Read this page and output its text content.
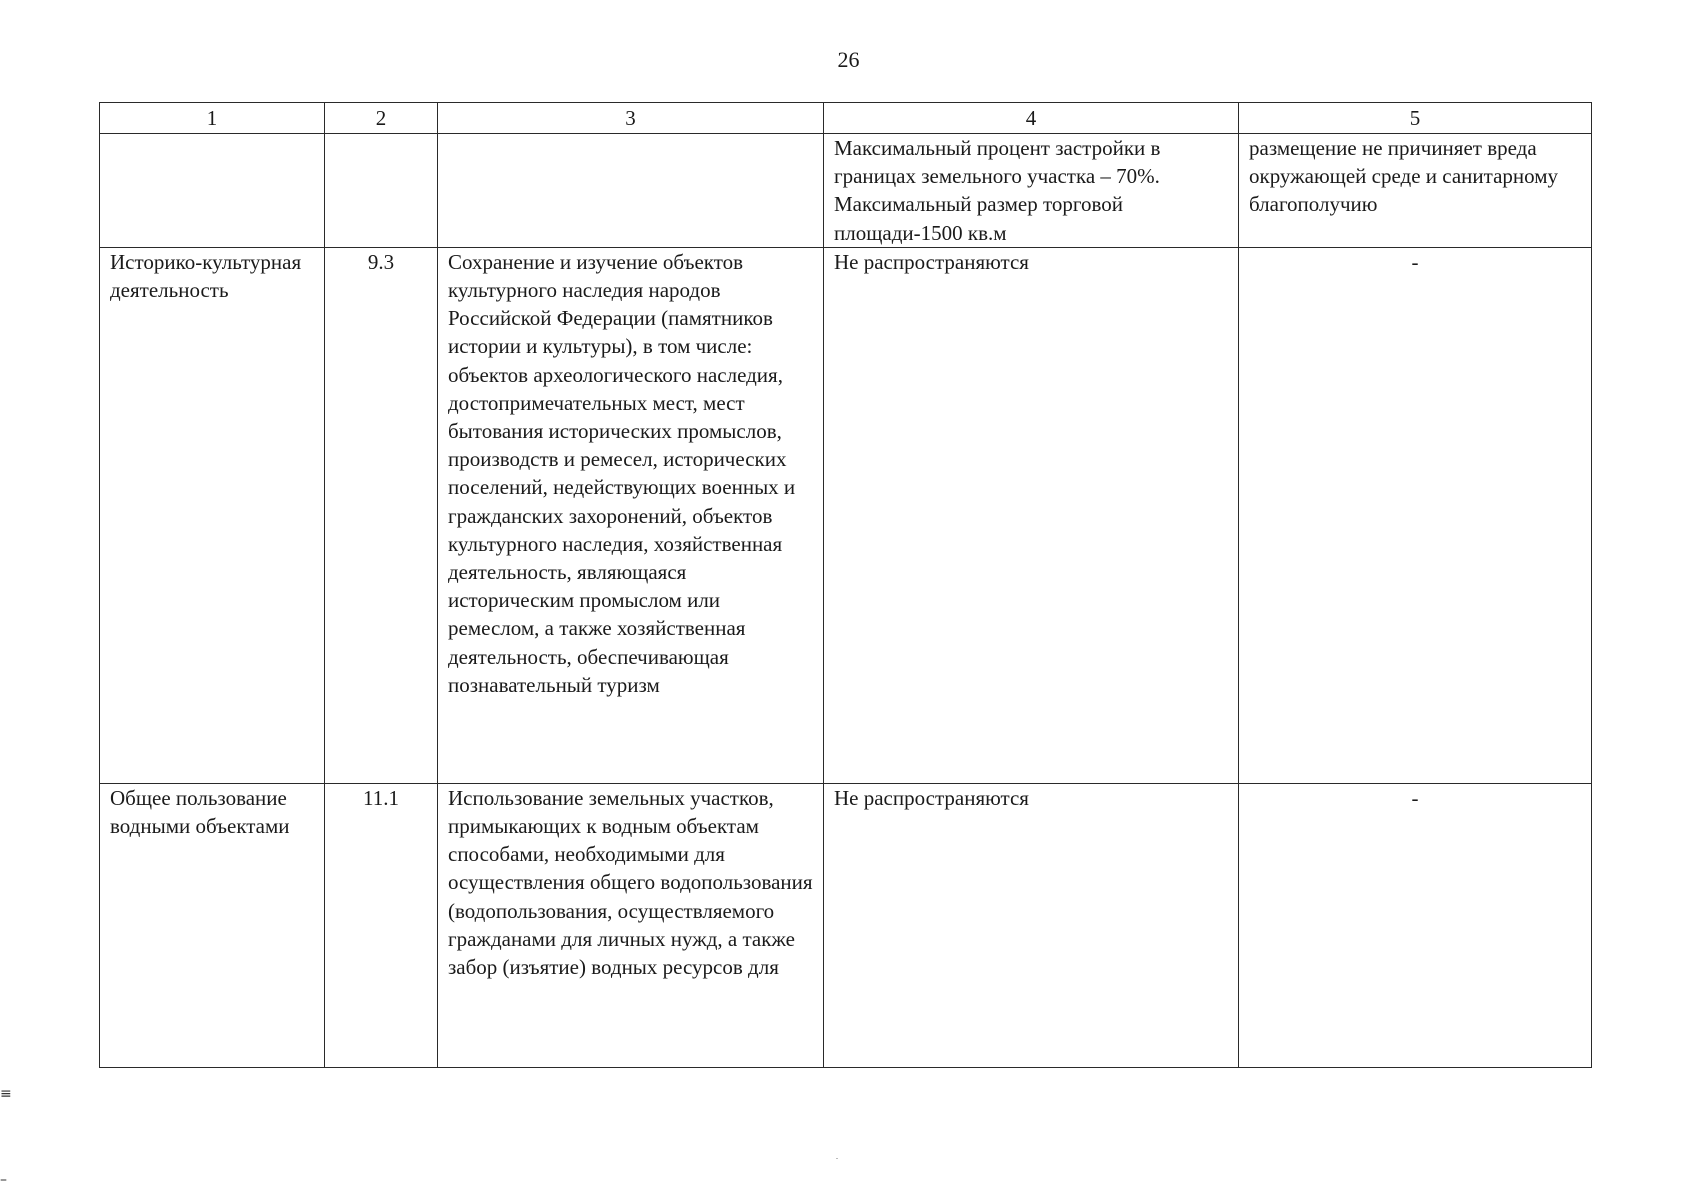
26
1	2	3	4	5
			Максимальный процент застройки в границах земельного участка – 70%. Максимальный размер торговой площади-1500 кв.м	размещение не причиняет вреда окружающей среде и санитарному благополучию
Историко-культурная деятельность	9.3	Сохранение и изучение объектов культурного наследия народов Российской Федерации (памятников истории и культуры), в том числе: объектов археологического наследия, достопримечательных мест, мест бытования исторических промыслов, производств и ремесел, исторических поселений, недействующих военных и гражданских захоронений, объектов культурного наследия, хозяйственная деятельность, являющаяся историческим промыслом или ремеслом, а также хозяйственная деятельность, обеспечивающая познавательный туризм	Не распространяются	-
Общее пользование водными объектами	11.1	Использование земельных участков, примыкающих к водным объектам способами, необходимыми для осуществления общего водопользования (водопользования, осуществляемого гражданами для личных нужд, а также забор (изъятие) водных ресурсов для	Не распространяются	-
≡
–
